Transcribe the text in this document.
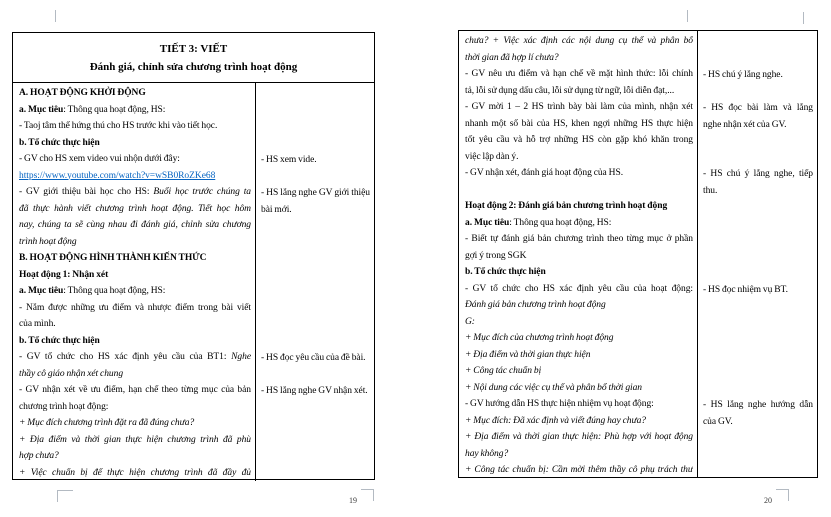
TIẾT 3: VIẾT
Đánh giá, chỉnh sửa chương trình hoạt động
A. HOẠT ĐỘNG KHỞI ĐỘNG
a. Mục tiêu: Thông qua hoạt động, HS:
- Taoj tâm thế hứng thú cho HS trước khi vào tiết học.
b. Tổ chức thực hiện
- GV cho HS xem video vui nhộn dưới đây:
https://www.youtube.com/watch?v=wSB0RoZKe68
- GV giới thiệu bài học cho HS: Buổi học trước chúng ta
đã thực hành viết chương trình hoạt động. Tiết học hôm
nay, chúng ta sẽ cùng nhau đi đánh giá, chỉnh sửa chương
trình hoạt động
B. HOẠT ĐỘNG HÌNH THÀNH KIẾN THỨC
Hoạt động 1: Nhận xét
a. Mục tiêu: Thông qua hoạt động, HS:
- Nắm được những ưu điểm và nhược điểm trong bài viết
của mình.
b. Tổ chức thực hiện
- GV tổ chức cho HS xác định yêu cầu của BT1: Nghe
thầy cô giáo nhận xét chung
- GV nhận xét về ưu điểm, hạn chế theo từng mục của bản
chương trình hoạt động:
+ Mục đích chương trình đặt ra đã đúng chưa?
+ Địa điểm và thời gian thực hiện chương trình đã phù
hợp chưa?
+ Việc chuẩn bị để thực hiện chương trình đã đầy đủ
- HS xem vide.
- HS lắng nghe GV giới thiệu bài mới.
- HS đọc yêu cầu của đề bài.
- HS lắng nghe GV nhận xét.
chưa? + Việc xác định các nội dung cụ thể và phân bổ
thời gian đã hợp lí chưa?
- GV nêu ưu điểm và hạn chế về mặt hình thức: lỗi chính
tả, lỗi sử dụng dấu câu, lỗi sử dụng từ ngữ, lỗi diễn đạt,...
- GV mời 1 – 2 HS trình bày bài làm của mình, nhận xét
nhanh một số bài của HS, khen ngợi những HS thực hiện
tốt yêu cầu và hỗ trợ những HS còn gặp khó khăn trong
việc lập dàn ý.
- GV nhận xét, đánh giá hoạt động của HS.
Hoạt động 2: Đánh giá bản chương trình hoạt động
a. Mục tiêu: Thông qua hoạt động, HS:
- Biết tự đánh giá bản chương trình theo từng mục ở phần
gợi ý trong SGK
b. Tổ chức thực hiện
- GV tổ chức cho HS xác định yêu cầu của hoạt động:
Đánh giá bản chương trình hoạt động
G:
+ Mục đích của chương trình hoạt động
+ Địa điểm và thời gian thực hiện
+ Công tác chuẩn bị
+ Nội dung các việc cụ thể và phân bổ thời gian
- GV hướng dẫn HS thực hiện nhiệm vụ hoạt động:
+ Mục đích: Đã xác định và viết đúng hay chưa?
+ Địa điểm và thời gian thực hiện: Phù hợp với hoạt động
hay không?
+ Công tác chuẩn bị: Cần mời thêm thầy cô phụ trách thư
- HS chú ý lắng nghe.
- HS đọc bài làm và lắng nghe nhận xét của GV.
- HS chú ý lắng nghe, tiếp thu.
- HS đọc nhiệm vụ BT.
- HS lắng nghe hướng dẫn của GV.
19	20
